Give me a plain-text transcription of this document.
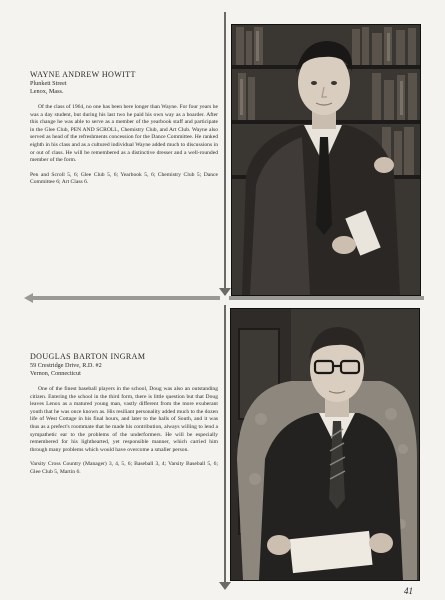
WAYNE ANDREW HOWITT
Plunkett Street
Lenox, Mass.
Of the class of 1964, no one has been here longer than Wayne. For four years he was a day student, but during his last two he paid his own way as a boarder. After this change he was able to serve as a member of the yearbook staff and participate in the Glee Club, PEN AND SCROLL, Chemistry Club, and Art Club. Wayne also served as head of the refreshments concession for the Dance Committee. He ranked eighth in his class and as a cultured individual Wayne added much to discussions in or out of class. He will be remembered as a distinctive dresser and a well-rounded member of the form.
Pen and Scroll 5, 6; Glee Club 5, 6; Yearbook 5, 6; Chemistry Club 5; Dance Committee 6; Art Class 6.
DOUGLAS BARTON INGRAM
59 Crestridge Drive, R.D. #2
Vernon, Connecticut
One of the finest baseball players in the school, Doug was also an outstanding citizen. Entering the school in the third form, there is little question but that Doug leaves Lenox as a matured young man, vastly different from the more exuberant youth that he was once known as. His resiliant personality added much to the dozen life of West Cottage in his final hours, and later to the halls of South, and it was thus as a prefect's roommate that he made his contribution, always willing to lend a sympathetic ear to the problems of the underformers. He will be especially remembered for his lighthearted, yet responsible manner, which carried him through many problems which would have overcome a smaller person.
Varsity Cross Country (Manager) 3, 4, 5, 6; Baseball 3, 4; Varsity Baseball 5, 6; Glee Club 5, Martin 6.
41
